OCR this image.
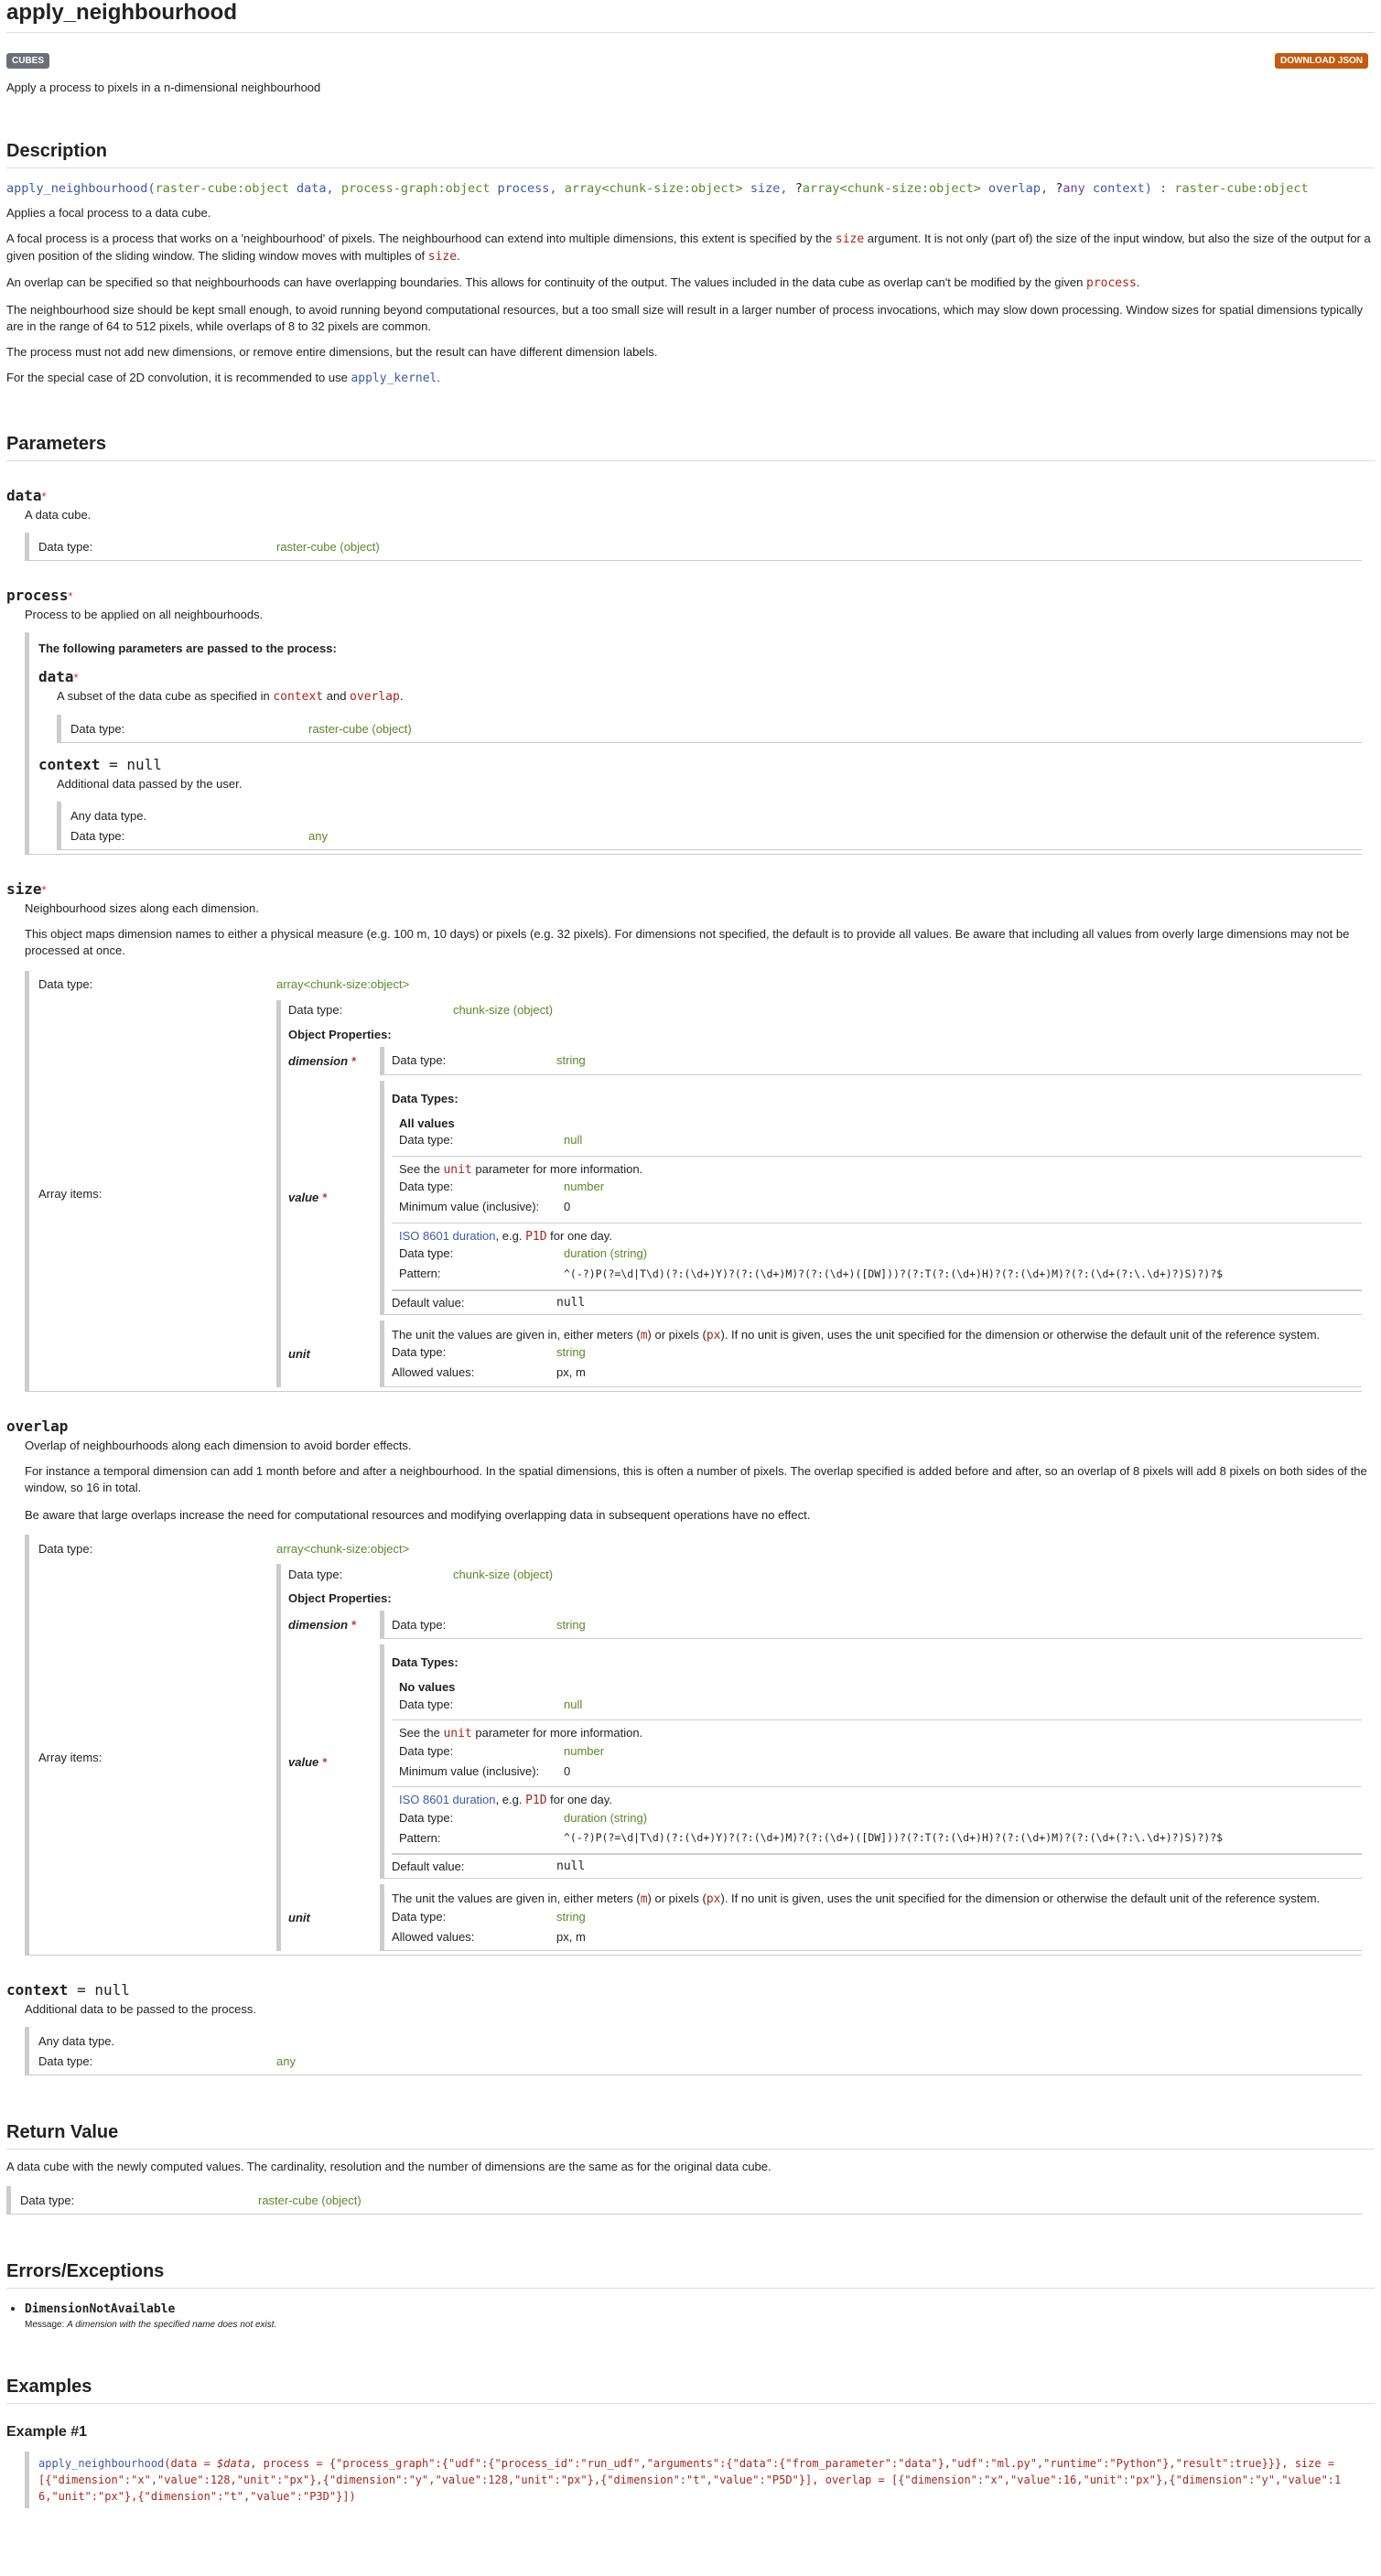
apply_neighbourhood
CUBES	DOWNLOAD JSON
Apply a process to pixels in a n-dimensional neighbourhood
Description
apply_neighbourhood(raster-cube:object data, process-graph:object process, array<chunk-size:object> size, ?array<chunk-size:object> overlap, ?any context) : raster-cube:object

Applies a focal process to a data cube.

A focal process is a process that works on a 'neighbourhood' of pixels. The neighbourhood can extend into multiple dimensions, this extent is specified by the size argument. It is not only (part of) the size of the input window, but also the size of the output for a given position of the sliding window. The sliding window moves with multiples of size.

An overlap can be specified so that neighbourhoods can have overlapping boundaries. This allows for continuity of the output. The values included in the data cube as overlap can't be modified by the given process.

The neighbourhood size should be kept small enough, to avoid running beyond computational resources, but a too small size will result in a larger number of process invocations, which may slow down processing. Window sizes for spatial dimensions typically are in the range of 64 to 512 pixels, while overlaps of 8 to 32 pixels are common.

The process must not add new dimensions, or remove entire dimensions, but the result can have different dimension labels.

For the special case of 2D convolution, it is recommended to use apply_kernel.

Parameters
data*
A data cube.
Data type:	raster-cube (object)
process*
Process to be applied on all neighbourhoods.
The following parameters are passed to the process:
data*
A subset of the data cube as specified in context and overlap.
Data type:	raster-cube (object)
context = null
Additional data passed by the user.
Any data type.
Data type:	any
size*
Neighbourhood sizes along each dimension.
This object maps dimension names to either a physical measure (e.g. 100 m, 10 days) or pixels (e.g. 32 pixels). For dimensions not specified, the default is to provide all values. Be aware that including all values from overly large dimensions may not be processed at once.
Data type:	array<chunk-size:object>
Array items:
Data type:	chunk-size (object)
Object Properties:
dimension
*	Data type:	string
value
*
Data Types:
All values
Data type:	null
See the unit parameter for more information.
Data type:	number
Minimum value (inclusive):	0
ISO 8601 duration, e.g. P1D for one day.
Data type:	duration (string)
Pattern:	^(-?)P(?=\d|T\d)(?:(\d+)Y)?(?:(\d+)M)?(?:(\d+)([DW]))?(?:T(?:(\d+)H)?(?:(\d+)M)?(?:(\d+(?:\.\d+)?)S)?)?$
Default value:	null
unit
The unit the values are given in, either meters (m) or pixels (px). If no unit is given, uses the unit specified for the dimension or otherwise the default unit of the reference system.
Data type:	string
Allowed values:	px, m
overlap
Overlap of neighbourhoods along each dimension to avoid border effects.
For instance a temporal dimension can add 1 month before and after a neighbourhood. In the spatial dimensions, this is often a number of pixels. The overlap specified is added before and after, so an overlap of 8 pixels will add 8 pixels on both sides of the window, so 16 in total.
Be aware that large overlaps increase the need for computational resources and modifying overlapping data in subsequent operations have no effect.
Data type:	array<chunk-size:object>
Array items:
Data type:	chunk-size (object)
Object Properties:
dimension
*	Data type:	string
value
*
Data Types:
No values
Data type:	null
See the unit parameter for more information.
Data type:	number
Minimum value (inclusive):	0
ISO 8601 duration, e.g. P1D for one day.
Data type:	duration (string)
Pattern:	^(-?)P(?=\d|T\d)(?:(\d+)Y)?(?:(\d+)M)?(?:(\d+)([DW]))?(?:T(?:(\d+)H)?(?:(\d+)M)?(?:(\d+(?:\.\d+)?)S)?)?$
Default value:	null
unit
The unit the values are given in, either meters (m) or pixels (px). If no unit is given, uses the unit specified for the dimension or otherwise the default unit of the reference system.
Data type:	string
Allowed values:	px, m
context = null
Additional data to be passed to the process.
Any data type.
Data type:	any
Return Value

A data cube with the newly computed values. The cardinality, resolution and the number of dimensions are the same as for the original data cube.

Data type:	raster-cube (object)
Errors/Exceptions
• DimensionNotAvailable
Message: A dimension with the specified name does not exist.
Examples
Example #1
apply_neighbourhood(data = $data, process = {"process_graph":{"udf":{"process_id":"run_udf","arguments":{"data":{"from_parameter":"data"},"udf":"ml.py","runtime":"Python"},"result":true}}}, size = [{"dimension":"x","value":128,"unit":"px"},{"dimension":"y","value":128,"unit":"px"},{"dimension":"t","value":"P5D"}], overlap = [{"dimension":"x","value":16,"unit":"px"},{"dimension":"y","value":16,"unit":"px"},{"dimension":"t","value":"P3D"}])
